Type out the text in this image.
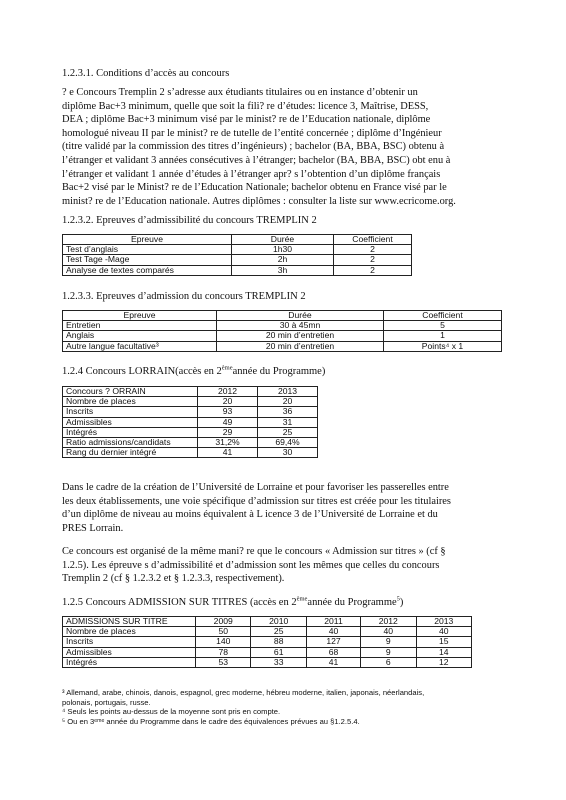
1.2.3.1. Conditions d’accès au concours
? e Concours Tremplin 2 s’adresse aux étudiants titulaires ou en instance d’obtenir un
diplôme Bac+3 minimum, quelle que soit la fili? re d’études: licence 3, Maîtrise, DESS,
DEA ; diplôme Bac+3 minimum visé par le minist? re de l’Education nationale, diplôme
homologué niveau II par le minist? re de tutelle de l’entité concernée ; diplôme d’Ingénieur
(titre validé par la commission des titres d’ingénieurs) ; bachelor (BA, BBA, BSC) obtenu à
l’étranger et validant 3 années consécutives à l’étranger; bachelor (BA, BBA, BSC) obt enu à
l’étranger et validant 1 année d’études à l’étranger apr? s l’obtention d’un diplôme français
Bac+2 visé par le Minist? re de l’Education Nationale; bachelor obtenu en France visé par le
minist? re de l’Education nationale. Autres diplômes : consulter la liste sur www.ecricome.org.
1.2.3.2. Epreuves d’admissibilité du concours TREMPLIN 2
Epreuve	Durée	Coefficient
Test d’anglais	1h30	2
Test Tage -Mage	2h	2
Analyse de textes comparés	3h	2
1.2.3.3. Epreuves d’admission du concours TREMPLIN 2
Epreuve	Durée	Coefficient
Entretien	30 à 45mn	5
Anglais	20 min d’entretien	1
Autre langue facultative³	20 min d’entretien	Points⁴ x 1
1.2.4 Concours LORRAIN(accès en 2èmeannée du Programme)
Concours ? ORRAIN	2012	2013
Nombre de places	20	20
Inscrits	93	36
Admissibles	49	31
Intégrés	29	25
Ratio admissions/candidats	31,2%	69,4%
Rang du dernier intégré	41	30
Dans le cadre de la création de l’Université de Lorraine et pour favoriser les passerelles entre
les deux établissements, une voie spécifique d’admission sur titres est créée pour les titulaires
d’un diplôme de niveau au moins équivalent à L icence 3 de l’Université de Lorraine et du
PRES Lorrain.
Ce concours est organisé de la même mani? re que le concours « Admission sur titres » (cf §
1.2.5). Les épreuve s d’admissibilité et d’admission sont les mêmes que celles du concours
Tremplin 2 (cf § 1.2.3.2 et § 1.2.3.3, respectivement).
1.2.5 Concours ADMISSION SUR TITRES (accès en 2èmeannée du Programme$^5$)
ADMISSIONS SUR TITRE	2009	2010	2011	2012	2013
Nombre de places	50	25	40	40	40
Inscrits	140	88	127	9	15
Admissibles	78	61	68	9	14
Intégrés	53	33	41	6	12
³ Allemand, arabe, chinois, danois, espagnol, grec moderne, hébreu moderne, italien, japonais, néerlandais,
polonais, portugais, russe.
⁴ Seuls les points au-dessus de la moyenne sont pris en compte.
⁵ Ou en 3ᵉᵐᵉ année du Programme dans le cadre des équivalences prévues au §1.2.5.4.
